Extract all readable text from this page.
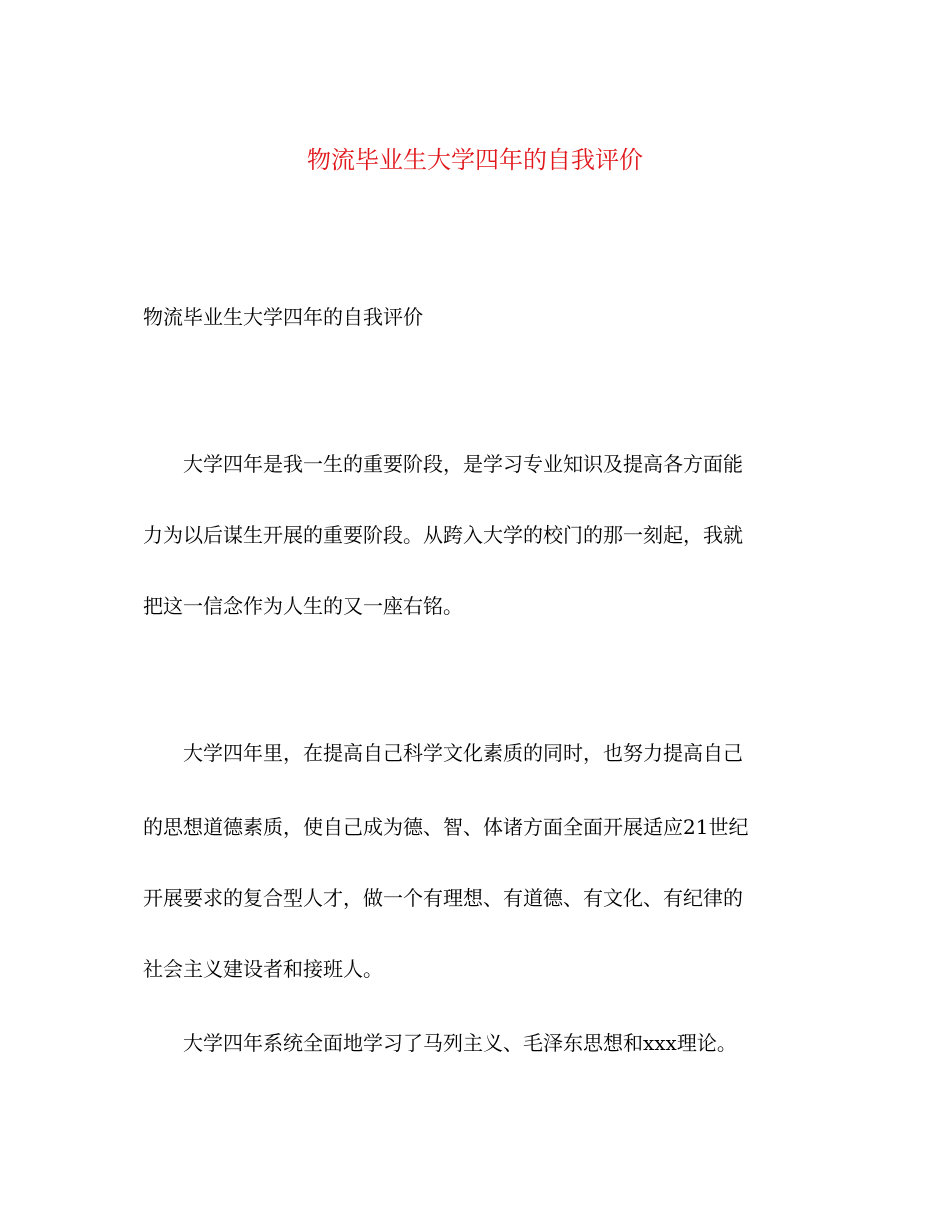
物流毕业生大学四年的自我评价

物流毕业生大学四年的自我评价

大学四年是我一生的重要阶段，是学习专业知识及提高各方面能

力为以后谋生开展的重要阶段。从跨入大学的校门的那一刻起，我就

把这一信念作为人生的又一座右铭。

大学四年里，在提高自己科学文化素质的同时，也努力提高自己

的思想道德素质，使自己成为德、智、体诸方面全面开展适应21世纪

开展要求的复合型人才，做一个有理想、有道德、有文化、有纪律的

社会主义建设者和接班人。

大学四年系统全面地学习了马列主义、毛泽东思想和xxx理论。
